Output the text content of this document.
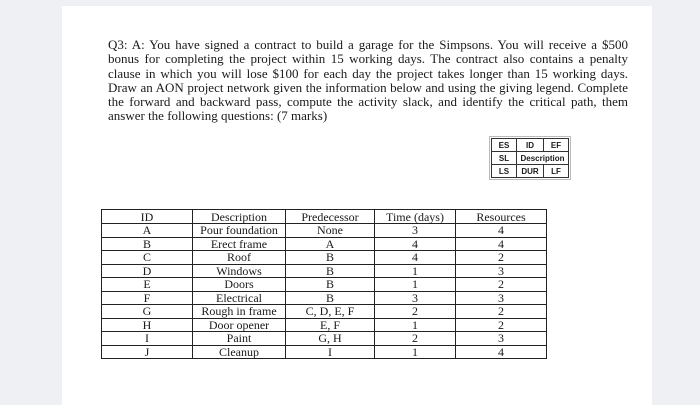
Q3: A: You have signed a contract to build a garage for the Simpsons. You will receive a $500 bonus for completing the project within 15 working days. The contract also contains a penalty clause in which you will lose $100 for each day the project takes longer than 15 working days. Draw an AON project network given the information below and using the giving legend. Complete the forward and backward pass, compute the activity slack, and identify the critical path, them answer the following questions: (7 marks)

ES	ID	EF
SL	Description	
LS	DUR	LF
ID	Description	Predecessor	Time (days)	Resources
A	Pour foundation	None	3	4
B	Erect frame	A	4	4
C	Roof	B	4	2
D	Windows	B	1	3
E	Doors	B	1	2
F	Electrical	B	3	3
G	Rough in frame	C, D, E, F	2	2
H	Door opener	E, F	1	2
I	Paint	G, H	2	3
J	Cleanup	I	1	4
